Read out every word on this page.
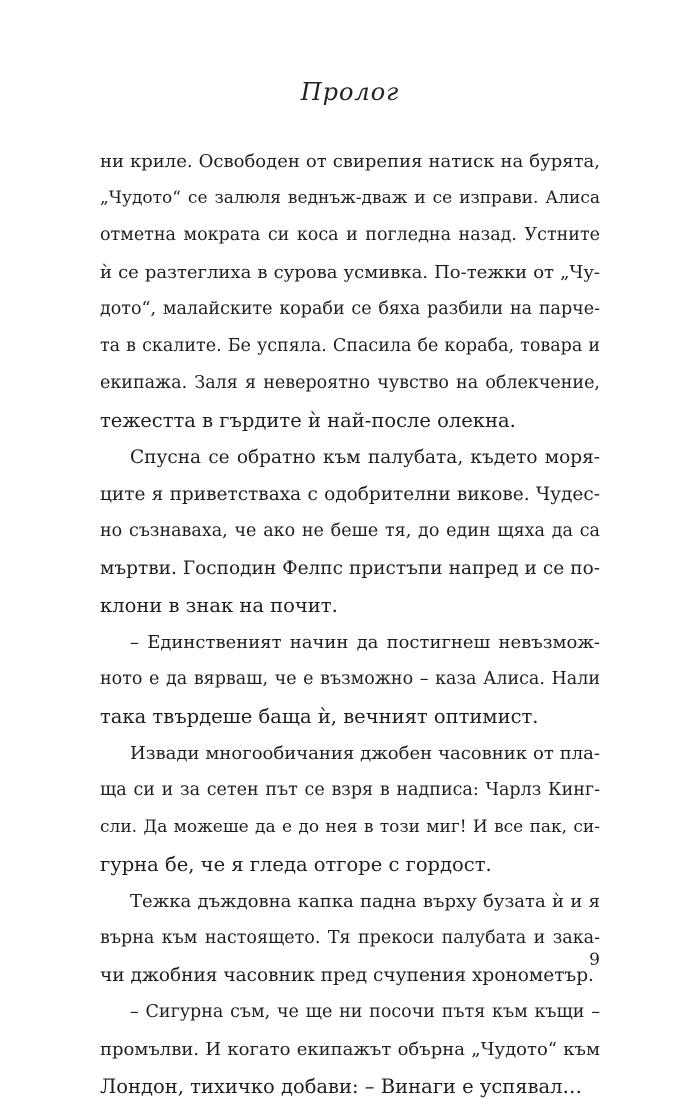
Пролог
ни криле. Освободен от свирепия натиск на бурята,
„Чудото“ се залюля веднъж-дваж и се изправи. Алиса
отметна мократа си коса и погледна назад. Устните
ѝ се разтеглиха в сурова усмивка. По-тежки от „Чу-
дото“, малайските кораби се бяха разбили на парче-
та в скалите. Бе успяла. Спасила бе кораба, товара и
екипажа. Заля я невероятно чувство на облекчение,
тежестта в гърдите ѝ най-после олекна.
Спусна се обратно към палубата, където моря-
ците я приветстваха с одобрителни викове. Чудес-
но съзнаваха, че ако не беше тя, до един щяха да са
мъртви. Господин Фелпс пристъпи напред и се по-
клони в знак на почит.
– Единственият начин да постигнеш невъзмож-
ното е да вярваш, че е възможно – каза Алиса. Нали
така твърдеше баща ѝ, вечният оптимист.
Извади многообичания джобен часовник от пла-
ща си и за сетен път се взря в надписа: Чарлз Кинг-
сли. Да можеше да е до нея в този миг! И все пак, си-
гурна бе, че я гледа отгоре с гордост.
Тежка дъждовна капка падна върху бузата ѝ и я
върна към настоящето. Тя прекоси палубата и зака-
чи джобния часовник пред счупения хронометър.
– Сигурна съм, че ще ни посочи пътя към къщи –
промълви. И когато екипажът обърна „Чудото“ към
Лондон, тихичко добави: – Винаги е успявал…
9
